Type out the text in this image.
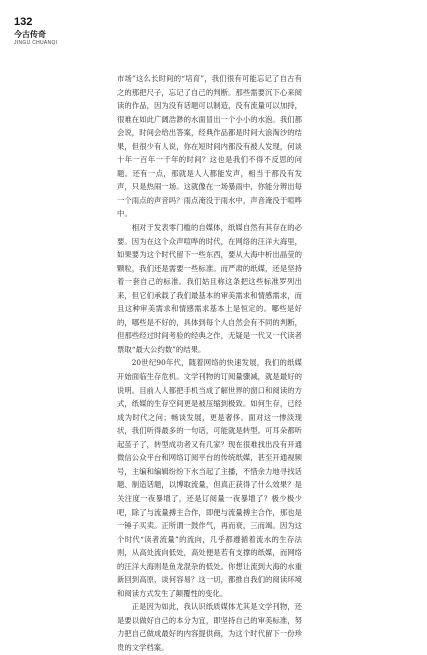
132
今古传奇
JINGU CHUANQI

市场”这么长时间的“培育”，我们很有可能忘记了自古有之的那把尺子，忘记了自己的判断。那些需要沉下心来阅读的作品，因为没有话题可以制造，没有流量可以加持，很难在如此广阔浩渺的水面冒出一个小小的水泡。我们都会说，时间会给出答案，经典作品都是时间大浪淘沙的结果，但很少有人说，你在短时间内都没有被人发现，何谈十年一百年一千年的时间？这也是我们不得不反思的问题。还有一点，那就是人人都能发声，相当于都没有发声，只是热闹一场。这就像在一场暴雨中，你能分辨出每一个雨点的声音吗？雨点淹没于雨水中，声音淹没于喧哗中。

相对于发表零门槛的自媒体，纸媒自然有其存在的必要。因为在这个众声喧哗的时代，在网络的汪洋大海里，如果要为这个时代留下一些东西，要从大海中析出晶莹的颗粒，我们还是需要一些标准。而严肃的纸媒，还是坚持着一套自己的标准。我们姑且称这条把这些标准罗列出来，但它们承载了我们最基本的审美需求和情感需求，而且这种审美需求和情感需求基本上是恒定的。哪些是好的，哪些是不好的，具体到每个人自然会有不同的判断，但那些经过时间考验的经典之作，无疑是一代又一代读者票取“最大公约数”的结果。

20世纪90年代，随着网络的快速发展，我们的纸媒开始面临生存危机。文学刊物的订阅量骤减，就是最好的说明。目前人人都把手机当成了解世界的窗口和阅读的方式，纸媒的生存空间更是被压缩到极致。如何生存，已经成为时代之问；畅谈发展，更是奢侈。面对这一惨淡现状，我们听得最多的一句话，可能就是转型。可耳朵都听起茧子了，转型成功者又有几家？现在很难找出没有开通微信公众平台和网络订阅平台的传统纸媒，甚至开通视频号，主编和编辑纷纷下水当起了主播，不惜余力地寻找话题、制造话题，以博取流量，但真正获得了什么效果？是关注度一夜暴增了，还是订阅量一夜暴增了？极少极少吧，除了与流量搏主合作，即便与流量搏主合作，那也是一锤子买卖。正所谓一鼓作气，再而衰，三而竭。因为这个时代“读者流量”的流向，几乎都遵循着流水的生存法则，从高处流向低处，高处便是若有支撑的纸媒，而网络的汪洋大海则是鱼龙混杂的低处。你想让流到大海的水重新回到高原，谈何容易？这一切，都推自我们的阅读环境和阅读方式发生了颠覆性的变化。

正是因为如此，我认识纸质媒体尤其是文学刊物，还是要以做好自己的本分为宜，即坚持自己的审美标准，努力把自己做成最好的内容提供商，为这个时代留下一份珍贵的文学档案。
